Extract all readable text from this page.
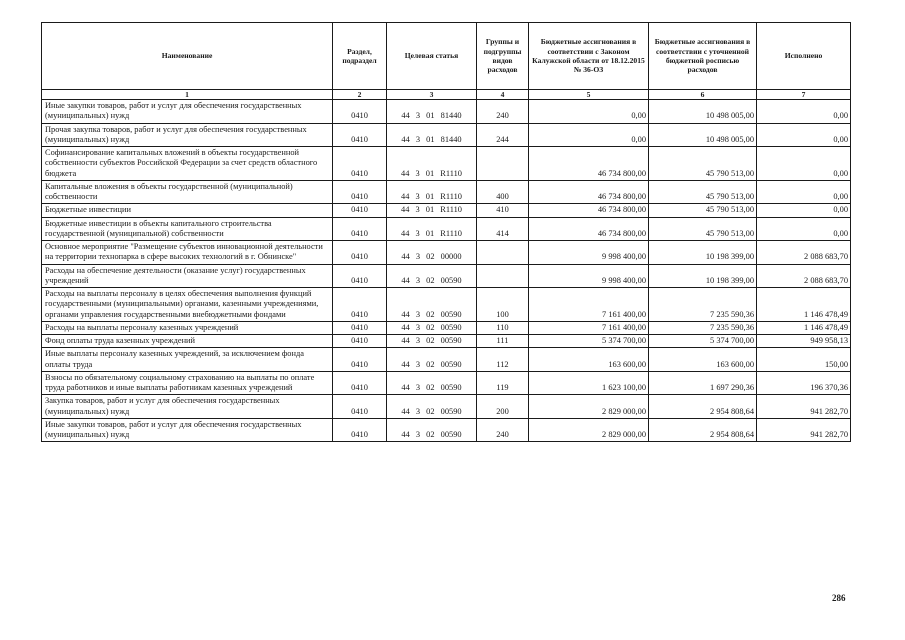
Наименование	Раздел, подраздел	Целевая статья	Группы и подгруппы видов расходов	Бюджетные ассигнования в соответствии с Законом Калужской области от 18.12.2015 № 36-ОЗ	Бюджетные ассигнования в соответствии с уточненной бюджетной росписью расходов	Исполнено
1	2	3	4	5	6	7
Иные закупки товаров, работ и услуг для обеспечения государственных (муниципальных) нужд	0410	44 3 01 81440	240	0,00	10 498 005,00	0,00
Прочая закупка товаров, работ и услуг для обеспечения государственных (муниципальных) нужд	0410	44 3 01 81440	244	0,00	10 498 005,00	0,00
Софинансирование капитальных вложений в объекты государственной собственности субъектов Российской Федерации за счет средств областного бюджета	0410	44 3 01 R1110		46 734 800,00	45 790 513,00	0,00
Капитальные вложения в объекты государственной (муниципальной) собственности	0410	44 3 01 R1110	400	46 734 800,00	45 790 513,00	0,00
Бюджетные инвестиции	0410	44 3 01 R1110	410	46 734 800,00	45 790 513,00	0,00
Бюджетные инвестиции в объекты капитального строительства государственной (муниципальной) собственности	0410	44 3 01 R1110	414	46 734 800,00	45 790 513,00	0,00
Основное мероприятие "Размещение субъектов инновационной деятельности на территории технопарка в сфере высоких технологий в г. Обнинске"	0410	44 3 02 00000		9 998 400,00	10 198 399,00	2 088 683,70
Расходы на обеспечение деятельности (оказание услуг) государственных учреждений	0410	44 3 02 00590		9 998 400,00	10 198 399,00	2 088 683,70
Расходы на выплаты персоналу в целях обеспечения выполнения функций государственными (муниципальными) органами, казенными учреждениями, органами управления государственными внебюджетными фондами	0410	44 3 02 00590	100	7 161 400,00	7 235 590,36	1 146 478,49
Расходы на выплаты персоналу казенных учреждений	0410	44 3 02 00590	110	7 161 400,00	7 235 590,36	1 146 478,49
Фонд оплаты труда казенных учреждений	0410	44 3 02 00590	111	5 374 700,00	5 374 700,00	949 958,13
Иные выплаты персоналу казенных учреждений, за исключением фонда оплаты труда	0410	44 3 02 00590	112	163 600,00	163 600,00	150,00
Взносы по обязательному социальному страхованию на выплаты по оплате труда работников и иные выплаты работникам казенных учреждений	0410	44 3 02 00590	119	1 623 100,00	1 697 290,36	196 370,36
Закупка товаров, работ и услуг для обеспечения государственных (муниципальных) нужд	0410	44 3 02 00590	200	2 829 000,00	2 954 808,64	941 282,70
Иные закупки товаров, работ и услуг для обеспечения государственных (муниципальных) нужд	0410	44 3 02 00590	240	2 829 000,00	2 954 808,64	941 282,70
286
